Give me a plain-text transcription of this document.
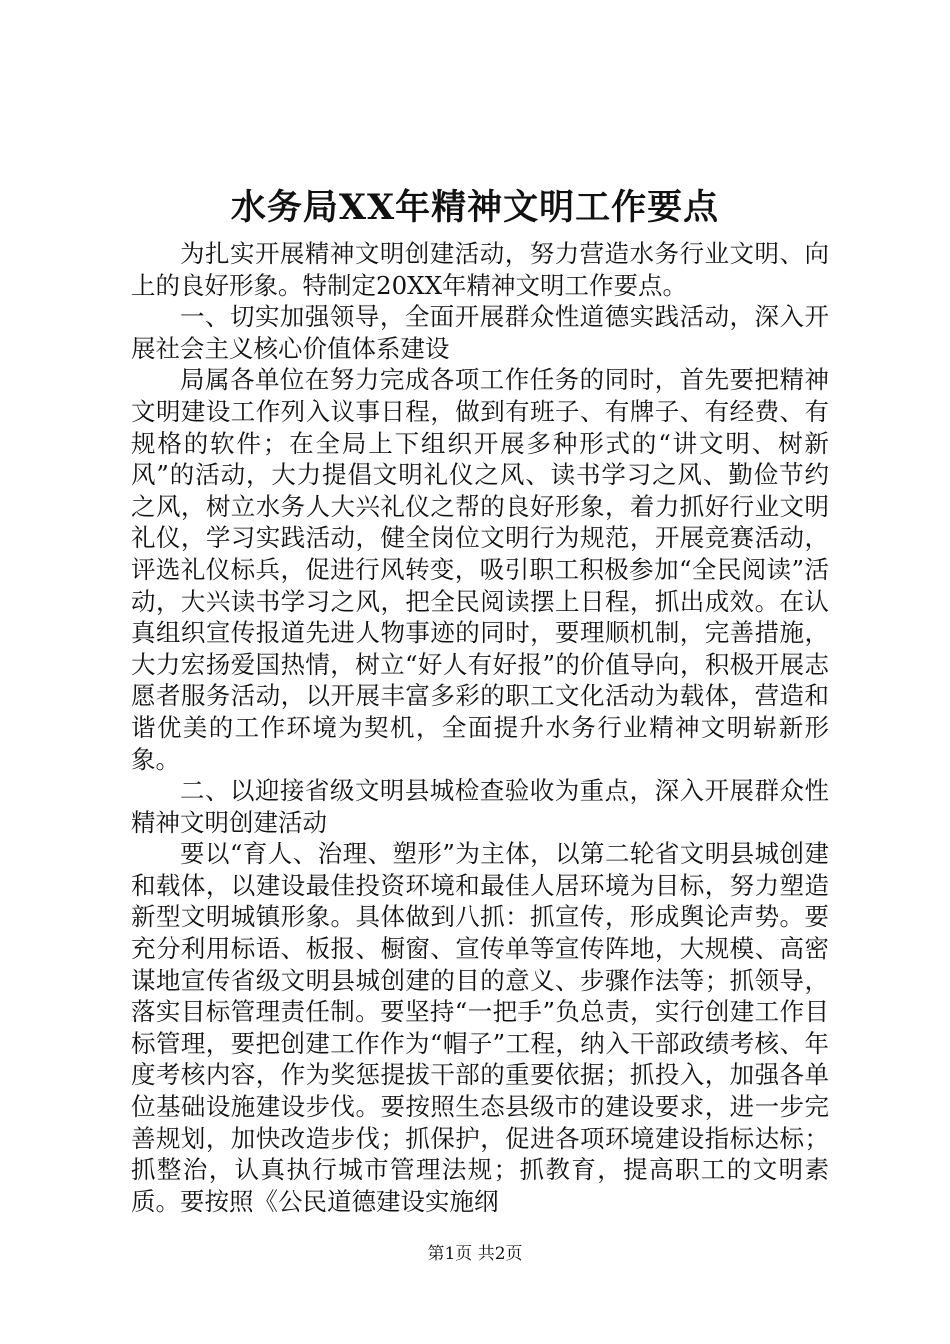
水务局XX年精神文明工作要点

为扎实开展精神文明创建活动，努力营造水务行业文明、向上的良好形象。特制定20XX年精神文明工作要点。

一、切实加强领导，全面开展群众性道德实践活动，深入开展社会主义核心价值体系建设

局属各单位在努力完成各项工作任务的同时，首先要把精神文明建设工作列入议事日程，做到有班子、有牌子、有经费、有规格的软件；在全局上下组织开展多种形式的“讲文明、树新风”的活动，大力提倡文明礼仪之风、读书学习之风、勤俭节约之风，树立水务人大兴礼仪之帮的良好形象，着力抓好行业文明礼仪，学习实践活动，健全岗位文明行为规范，开展竞赛活动，评选礼仪标兵，促进行风转变，吸引职工积极参加“全民阅读”活动，大兴读书学习之风，把全民阅读摆上日程，抓出成效。在认真组织宣传报道先进人物事迹的同时，要理顺机制，完善措施，大力宏扬爱国热情，树立“好人有好报”的价值导向，积极开展志愿者服务活动，以开展丰富多彩的职工文化活动为载体，营造和谐优美的工作环境为契机，全面提升水务行业精神文明崭新形象。

二、以迎接省级文明县城检查验收为重点，深入开展群众性精神文明创建活动

要以“育人、治理、塑形”为主体，以第二轮省文明县城创建和载体，以建设最佳投资环境和最佳人居环境为目标，努力塑造新型文明城镇形象。具体做到八抓：抓宣传，形成舆论声势。要充分利用标语、板报、橱窗、宣传单等宣传阵地，大规模、高密谋地宣传省级文明县城创建的目的意义、步骤作法等；抓领导，落实目标管理责任制。要坚持“一把手”负总责，实行创建工作目标管理，要把创建工作作为“帽子”工程，纳入干部政绩考核、年度考核内容，作为奖惩提拔干部的重要依据；抓投入，加强各单位基础设施建设步伐。要按照生态县级市的建设要求，进一步完善规划，加快改造步伐；抓保护，促进各项环境建设指标达标；抓整治，认真执行城市管理法规；抓教育，提高职工的文明素质。要按照《公民道德建设实施纲

第1页 共2页
